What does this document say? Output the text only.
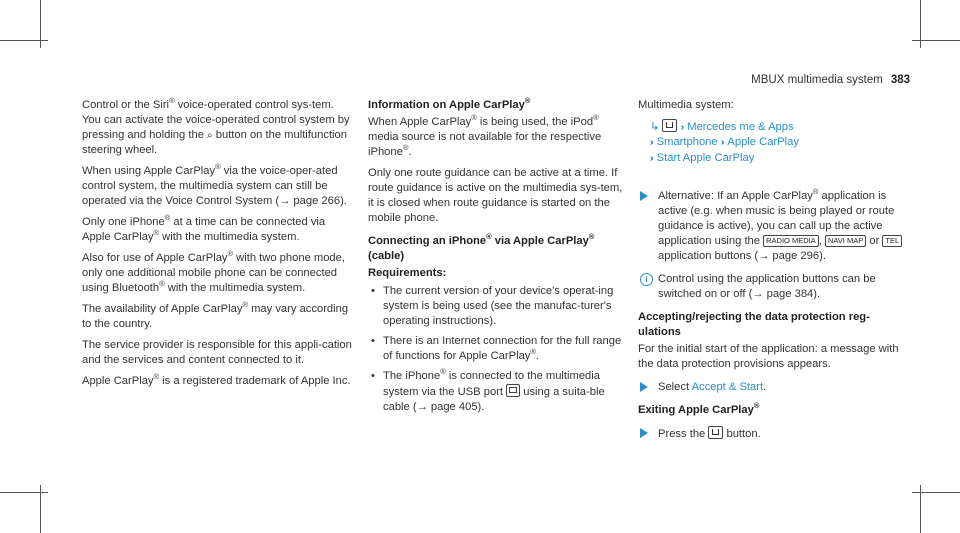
MBUX multimedia system 383

Control or the Siri® voice-operated control sys-tem. You can activate the voice-operated control system by pressing and holding the ⌕ button on the multifunction steering wheel.

When using Apple CarPlay® via the voice-oper-ated control system, the multimedia system can still be operated via the Voice Control System (→ page 266).

Only one iPhone® at a time can be connected via Apple CarPlay® with the multimedia system.

Also for use of Apple CarPlay® with two phone mode, only one additional mobile phone can be connected using Bluetooth® with the multimedia system.

The availability of Apple CarPlay® may vary according to the country.

The service provider is responsible for this appli-cation and the services and content connected to it.

Apple CarPlay® is a registered trademark of Apple Inc.

Information on Apple CarPlay®

When Apple CarPlay® is being used, the iPod® media source is not available for the respective iPhone®.

Only one route guidance can be active at a time. If route guidance is active on the multimedia sys-tem, it is closed when route guidance is started on the mobile phone.

Connecting an iPhone® via Apple CarPlay®
(cable)
Requirements:
• The current version of your device's operat-ing system is being used (see the manufac-turer's operating instructions).
• There is an Internet connection for the full range of functions for Apple CarPlay®.
• The iPhone® is connected to the multimedia system via the USB port  using a suita-ble cable (→ page 405).

Multimedia system:

↳ ›› Mercedes me & Apps
›› Smartphone ›› Apple CarPlay
›› Start Apple CarPlay
Alternative: If an Apple CarPlay® application is active (e.g. when music is being played or route guidance is active), you can call up the active application using the RADIO MEDIA , NAVI MAP or TEL application buttons (→ page 296).
i Control using the application buttons can be switched on or off (→ page 384).
Accepting/rejecting the data protection reg-ulations

For the initial start of the application: a message with the data protection provisions appears.

Select Accept & Start.
Exiting Apple CarPlay®
Press the  button.
